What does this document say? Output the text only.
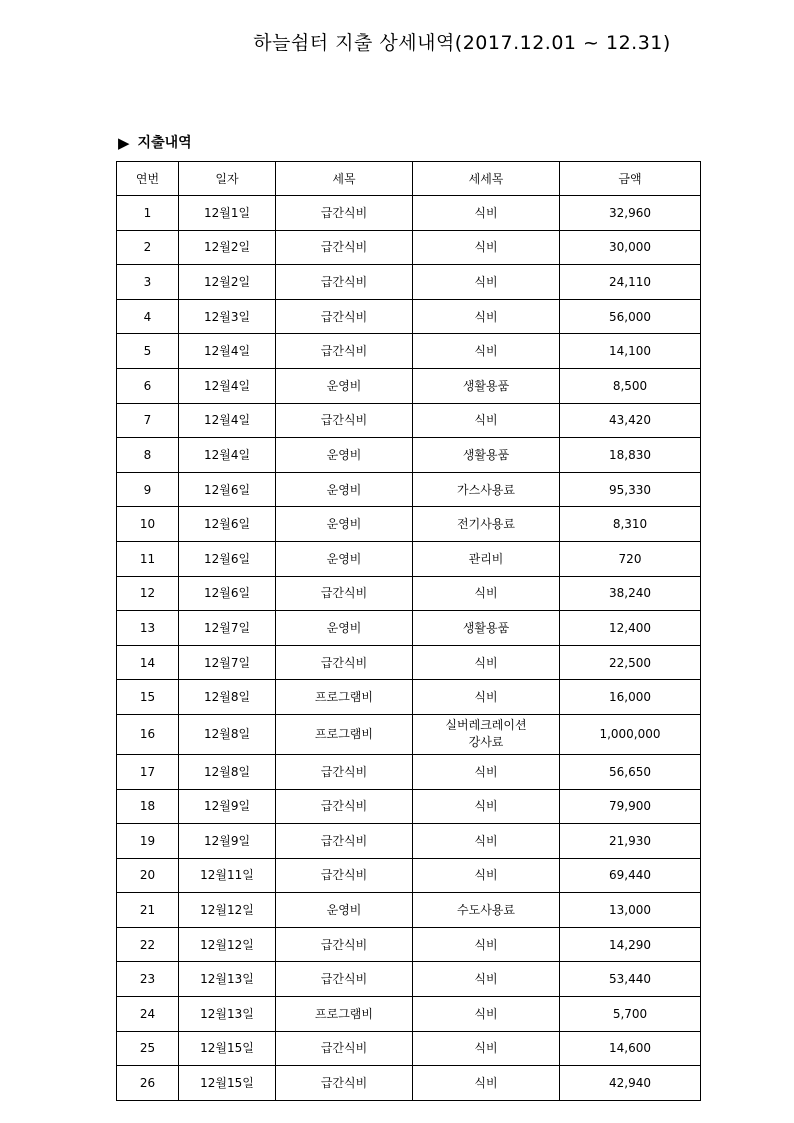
하늘쉼터 지출 상세내역(2017.12.01 ~ 12.31)
▶ 지출내역
연번	일자	세목	세세목	금액
1	12월1일	급간식비	식비	32,960
2	12월2일	급간식비	식비	30,000
3	12월2일	급간식비	식비	24,110
4	12월3일	급간식비	식비	56,000
5	12월4일	급간식비	식비	14,100
6	12월4일	운영비	생활용품	8,500
7	12월4일	급간식비	식비	43,420
8	12월4일	운영비	생활용품	18,830
9	12월6일	운영비	가스사용료	95,330
10	12월6일	운영비	전기사용료	8,310
11	12월6일	운영비	관리비	720
12	12월6일	급간식비	식비	38,240
13	12월7일	운영비	생활용품	12,400
14	12월7일	급간식비	식비	22,500
15	12월8일	프로그램비	식비	16,000
16	12월8일	프로그램비	실버레크레이션
강사료	1,000,000
17	12월8일	급간식비	식비	56,650
18	12월9일	급간식비	식비	79,900
19	12월9일	급간식비	식비	21,930
20	12월11일	급간식비	식비	69,440
21	12월12일	운영비	수도사용료	13,000
22	12월12일	급간식비	식비	14,290
23	12월13일	급간식비	식비	53,440
24	12월13일	프로그램비	식비	5,700
25	12월15일	급간식비	식비	14,600
26	12월15일	급간식비	식비	42,940
